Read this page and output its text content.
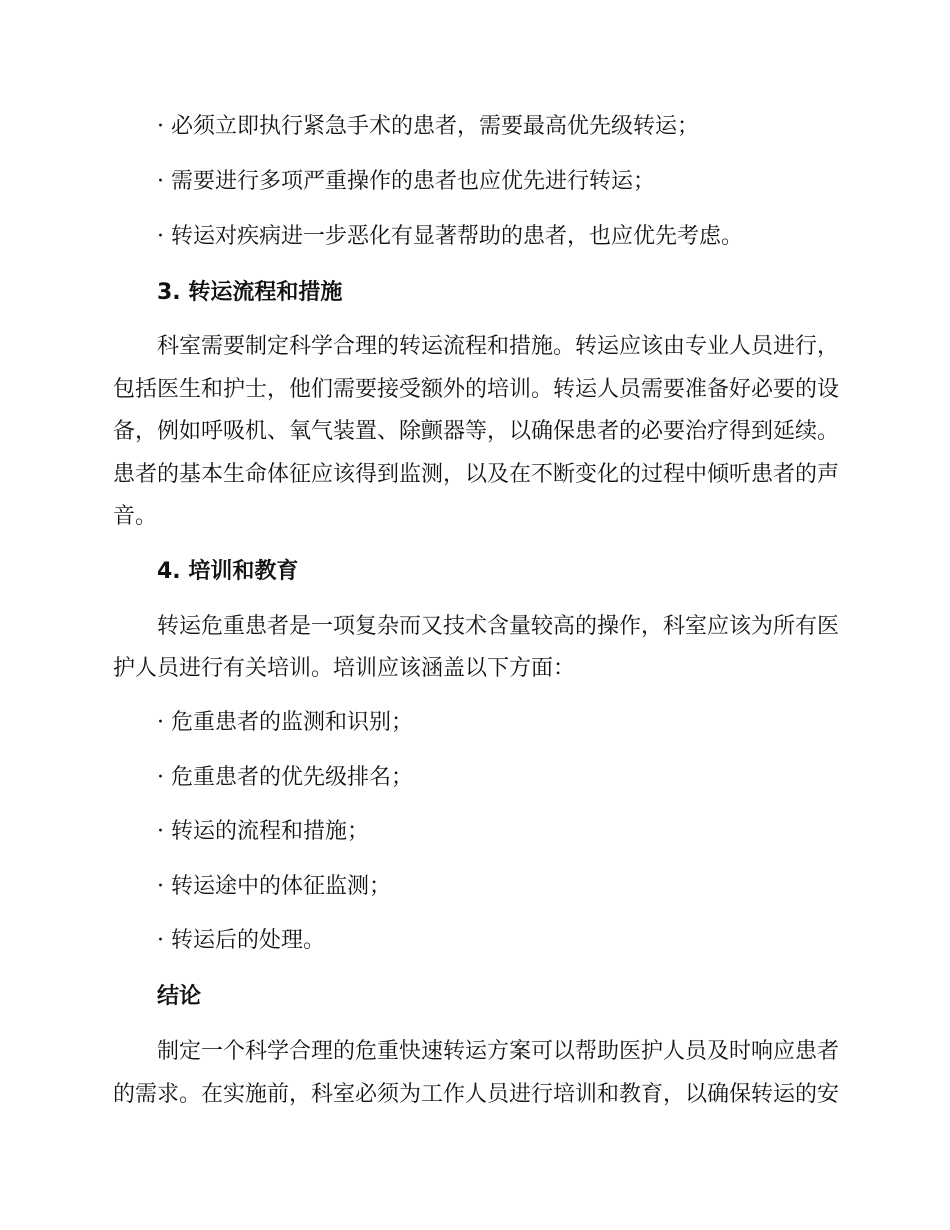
· 必须立即执行紧急手术的患者，需要最高优先级转运；
· 需要进行多项严重操作的患者也应优先进行转运；
· 转运对疾病进一步恶化有显著帮助的患者，也应优先考虑。
3. 转运流程和措施
科室需要制定科学合理的转运流程和措施。转运应该由专业人员进行，
包括医生和护士，他们需要接受额外的培训。转运人员需要准备好必要的设
备，例如呼吸机、氧气装置、除颤器等，以确保患者的必要治疗得到延续。
患者的基本生命体征应该得到监测，以及在不断变化的过程中倾听患者的声
音。
4. 培训和教育
转运危重患者是一项复杂而又技术含量较高的操作，科室应该为所有医
护人员进行有关培训。培训应该涵盖以下方面：
· 危重患者的监测和识别；
· 危重患者的优先级排名；
· 转运的流程和措施；
· 转运途中的体征监测；
· 转运后的处理。
结论
制定一个科学合理的危重快速转运方案可以帮助医护人员及时响应患者
的需求。在实施前，科室必须为工作人员进行培训和教育，以确保转运的安
